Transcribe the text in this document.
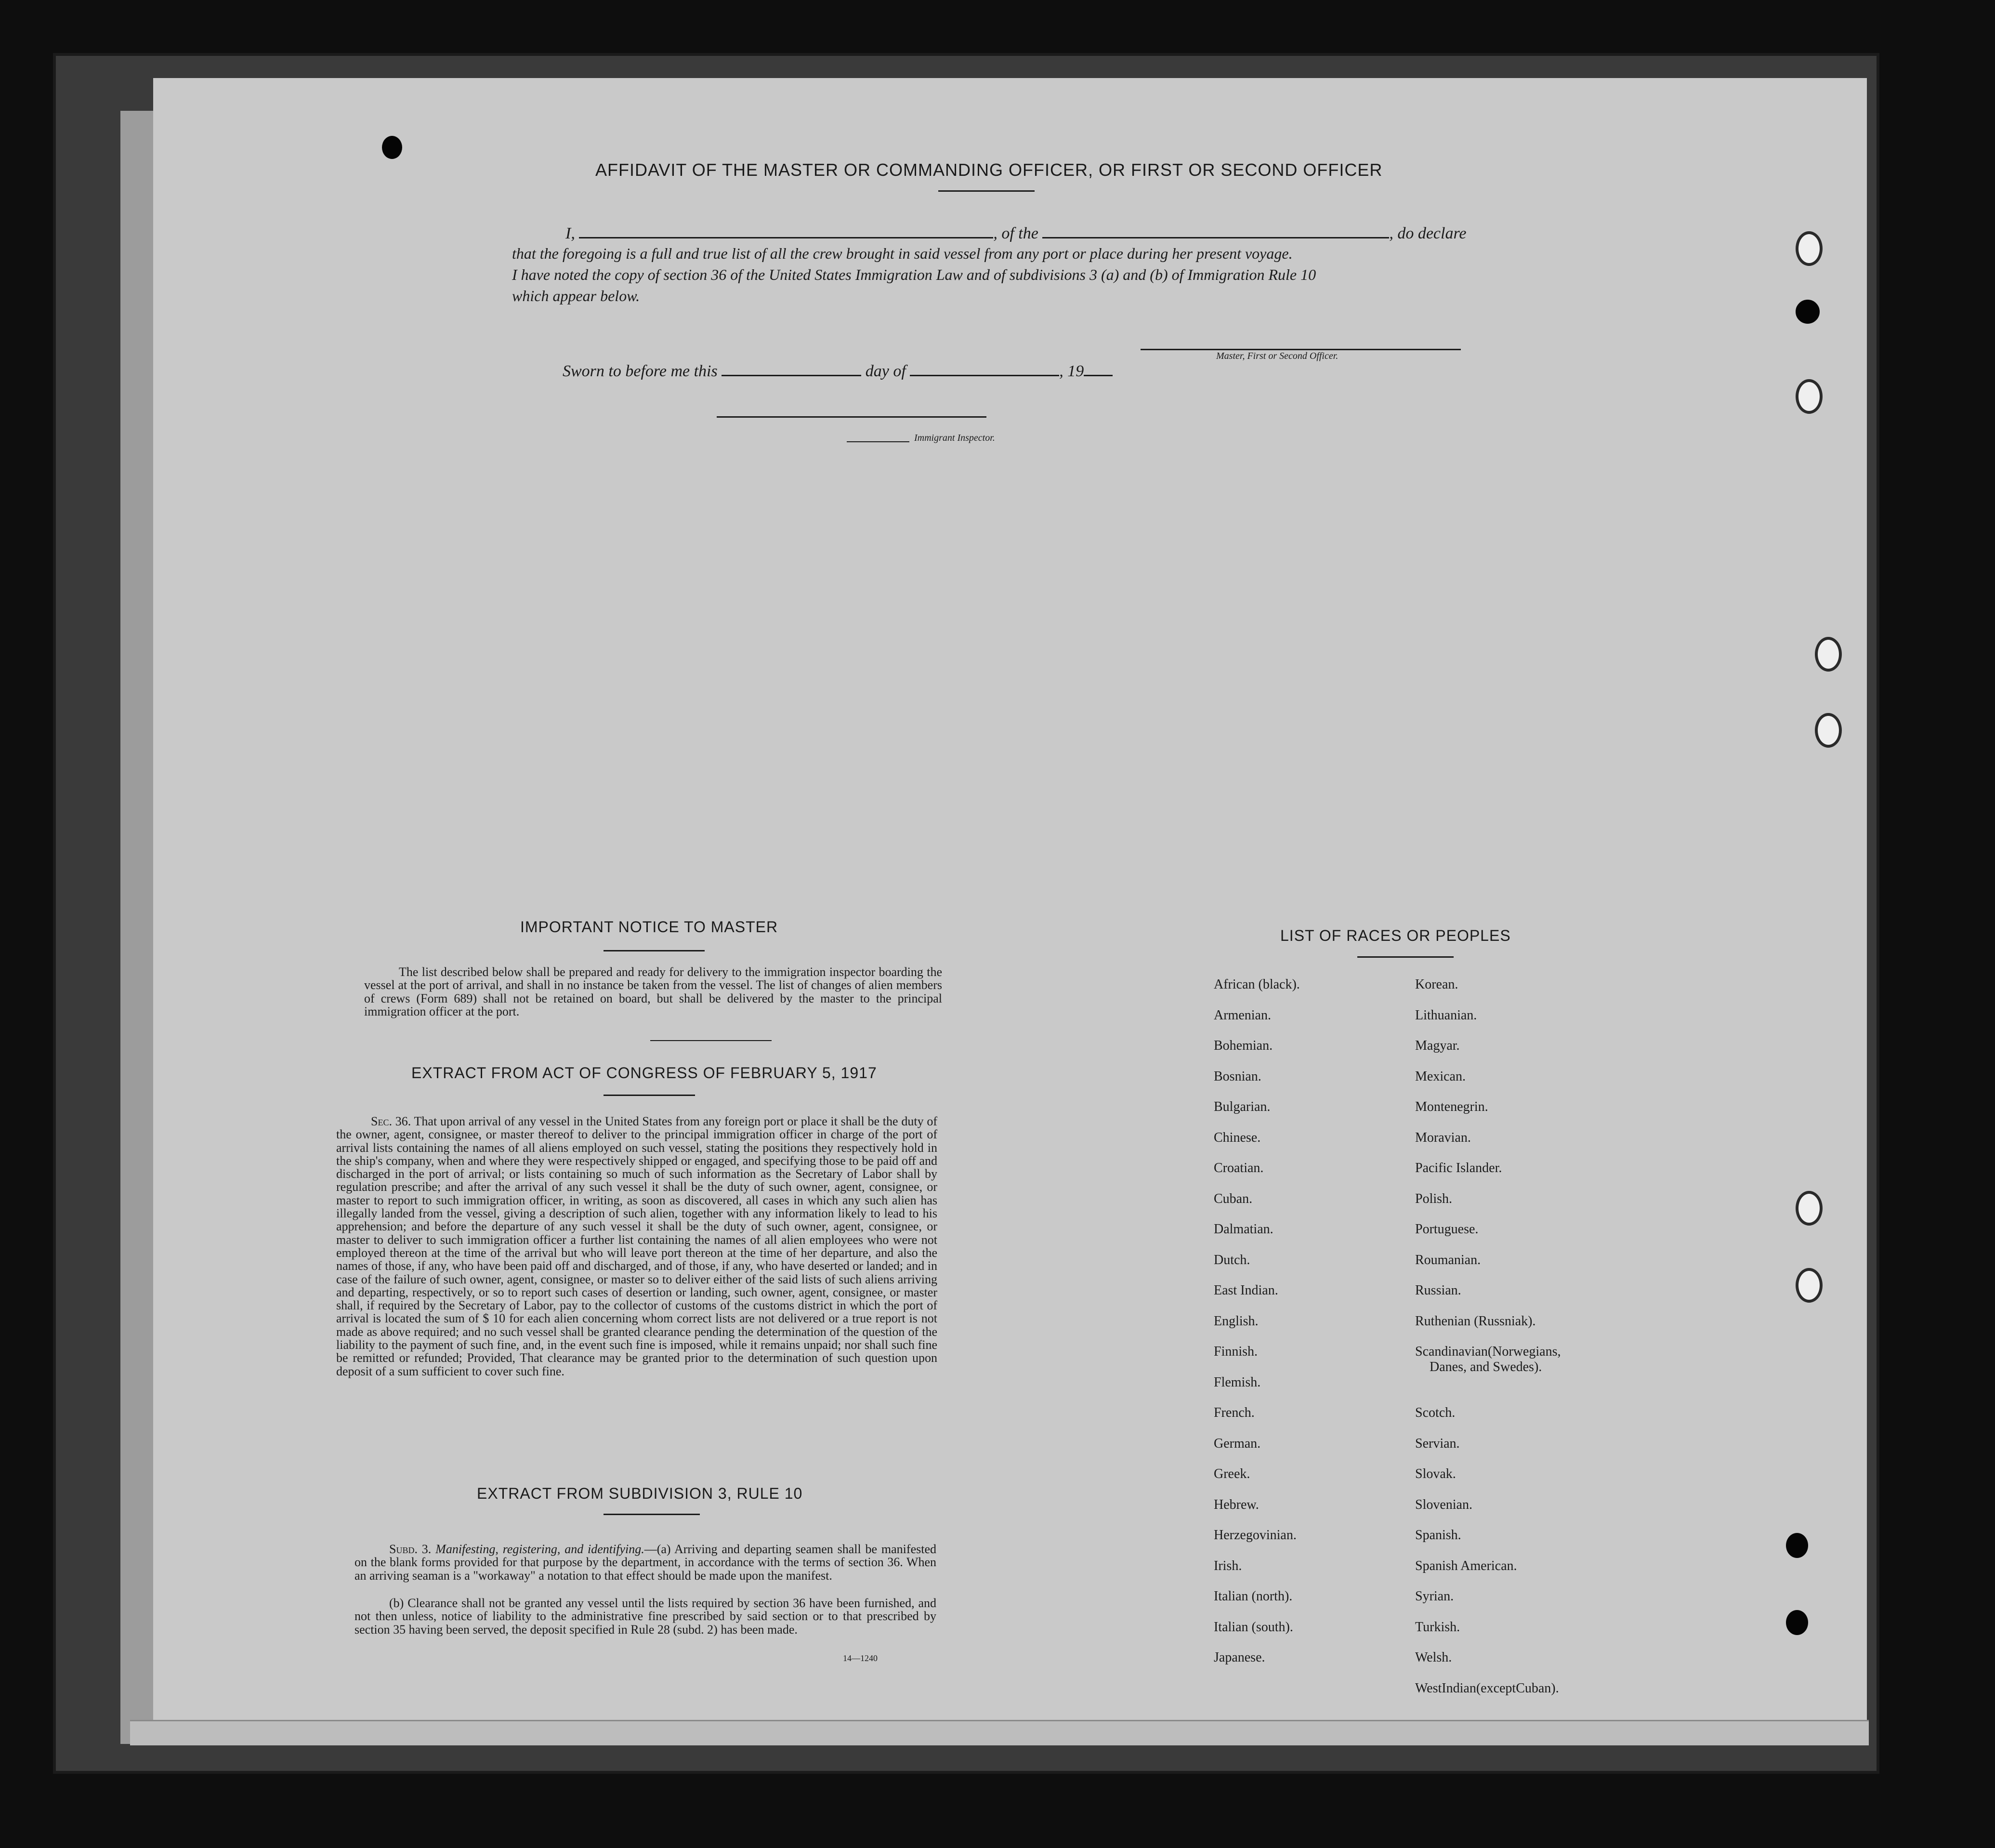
AFFIDAVIT OF THE MASTER OR COMMANDING OFFICER, OR FIRST OR SECOND OFFICER
I,	, of the	, do declare
that the foregoing is a full and true list of all the crew brought in said vessel from any port or place during her present voyage.
I have noted the copy of section 36 of the United States Immigration Law and of subdivisions 3 (a) and (b) of Immigration Rule 10
which appear below.
Master, First or Second Officer.
Sworn to before me this	day of	, 19
Immigrant Inspector.
IMPORTANT NOTICE TO MASTER
The list described below shall be prepared and ready for delivery to the immigration inspector boarding the vessel at the port of arrival, and shall in no instance be taken from the vessel. The list of changes of alien members of crews (Form 689) shall not be retained on board, but shall be delivered by the master to the principal immigration officer at the port.
EXTRACT FROM ACT OF CONGRESS OF FEBRUARY 5, 1917
Sec. 36. That upon arrival of any vessel in the United States from any foreign port or place it shall be the duty of the owner, agent, consignee, or master thereof to deliver to the principal immigration officer in charge of the port of arrival lists containing the names of all aliens employed on such vessel, stating the positions they respectively hold in the ship's company, when and where they were respectively shipped or engaged, and specifying those to be paid off and discharged in the port of arrival; or lists containing so much of such information as the Secretary of Labor shall by regulation prescribe; and after the arrival of any such vessel it shall be the duty of such owner, agent, consignee, or master to report to such immigration officer, in writing, as soon as discovered, all cases in which any such alien has illegally landed from the vessel, giving a description of such alien, together with any information likely to lead to his apprehension; and before the departure of any such vessel it shall be the duty of such owner, agent, consignee, or master to deliver to such immigration officer a further list containing the names of all alien employees who were not employed thereon at the time of the arrival but who will leave port thereon at the time of her departure, and also the names of those, if any, who have been paid off and discharged, and of those, if any, who have deserted or landed; and in case of the failure of such owner, agent, consignee, or master so to deliver either of the said lists of such aliens arriving and departing, respectively, or so to report such cases of desertion or landing, such owner, agent, consignee, or master shall, if required by the Secretary of Labor, pay to the collector of customs of the customs district in which the port of arrival is located the sum of $ 10 for each alien concerning whom correct lists are not delivered or a true report is not made as above required; and no such vessel shall be granted clearance pending the determination of the question of the liability to the payment of such fine, and, in the event such fine is imposed, while it remains unpaid; nor shall such fine be remitted or refunded; Provided, That clearance may be granted prior to the determination of such question upon deposit of a sum sufficient to cover such fine.
EXTRACT FROM SUBDIVISION 3, RULE 10
Subd. 3. Manifesting, registering, and identifying.—(a) Arriving and departing seamen shall be manifested on the blank forms provided for that purpose by the department, in accordance with the terms of section 36. When an arriving seaman is a "workaway" a notation to that effect should be made upon the manifest.
(b) Clearance shall not be granted any vessel until the lists required by section 36 have been furnished, and not then unless, notice of liability to the administrative fine prescribed by said section or to that prescribed by section 35 having been served, the deposit specified in Rule 28 (subd. 2) has been made.
14—1240
LIST OF RACES OR PEOPLES
African (black).
Armenian.
Bohemian.
Bosnian.
Bulgarian.
Chinese.
Croatian.
Cuban.
Dalmatian.
Dutch.
East Indian.
English.
Finnish.
Flemish.
French.
German.
Greek.
Hebrew.
Herzegovinian.
Irish.
Italian (north).
Italian (south).
Japanese.
Korean.
Lithuanian.
Magyar.
Mexican.
Montenegrin.
Moravian.
Pacific Islander.
Polish.
Portuguese.
Roumanian.
Russian.
Ruthenian (Russniak).
Scandinavian(Norwegians,
Danes, and Swedes).
Scotch.
Servian.
Slovak.
Slovenian.
Spanish.
Spanish American.
Syrian.
Turkish.
Welsh.
WestIndian(exceptCuban).
